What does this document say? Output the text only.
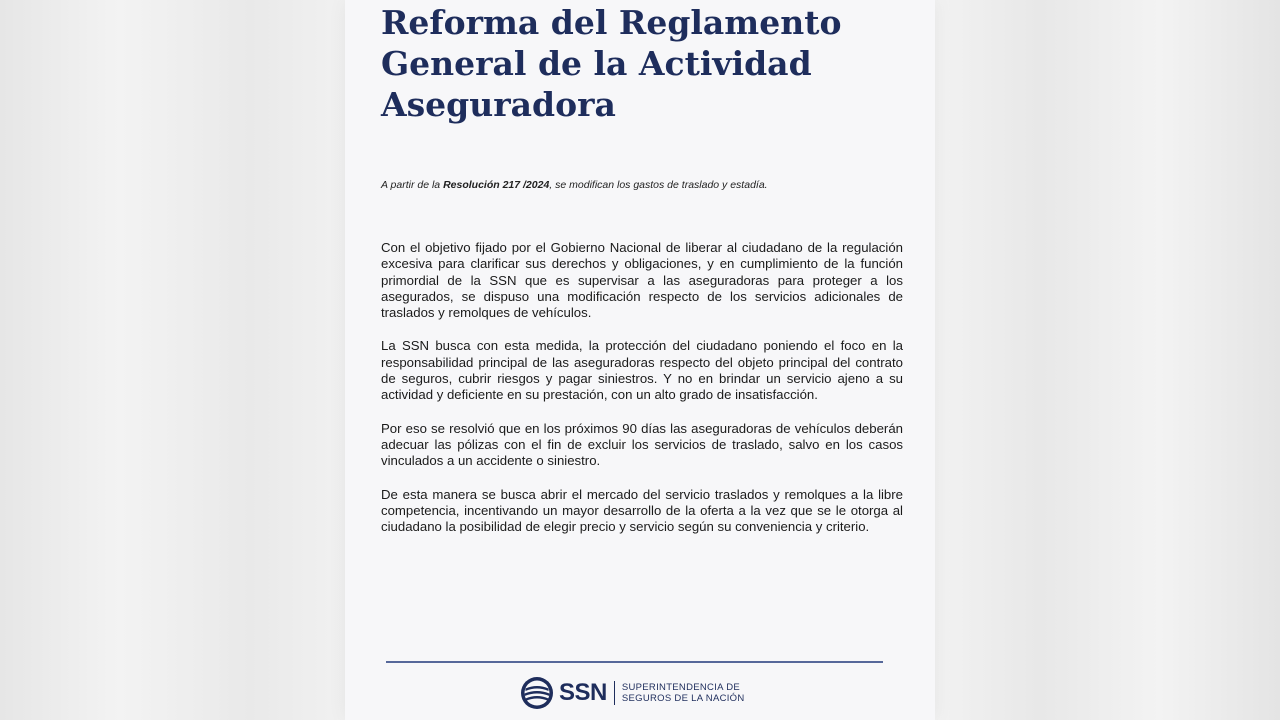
Reforma del Reglamento General de la Actividad Aseguradora

A partir de la Resolución 217 /2024, se modifican los gastos de traslado y estadía.

Con el objetivo fijado por el Gobierno Nacional de liberar al ciudadano de la regulación excesiva para clarificar sus derechos y obligaciones, y en cumplimiento de la función primordial de la SSN que es supervisar a las aseguradoras para proteger a los asegurados, se dispuso una modificación respecto de los servicios adicionales de traslados y remolques de vehículos.

La SSN busca con esta medida, la protección del ciudadano poniendo el foco en la responsabilidad principal de las aseguradoras respecto del objeto principal del contrato de seguros, cubrir riesgos y pagar siniestros. Y no en brindar un servicio ajeno a su actividad y deficiente en su prestación, con un alto grado de insatisfacción.

Por eso se resolvió que en los próximos 90 días las aseguradoras de vehículos deberán adecuar las pólizas con el fin de excluir los servicios de traslado, salvo en los casos vinculados a un accidente o siniestro.

De esta manera se busca abrir el mercado del servicio traslados y remolques a la libre competencia, incentivando un mayor desarrollo de la oferta a la vez que se le otorga al ciudadano la posibilidad de elegir precio y servicio según su conveniencia y criterio.

SSN SUPERINTENDENCIA DE
SEGUROS DE LA NACIÓN
